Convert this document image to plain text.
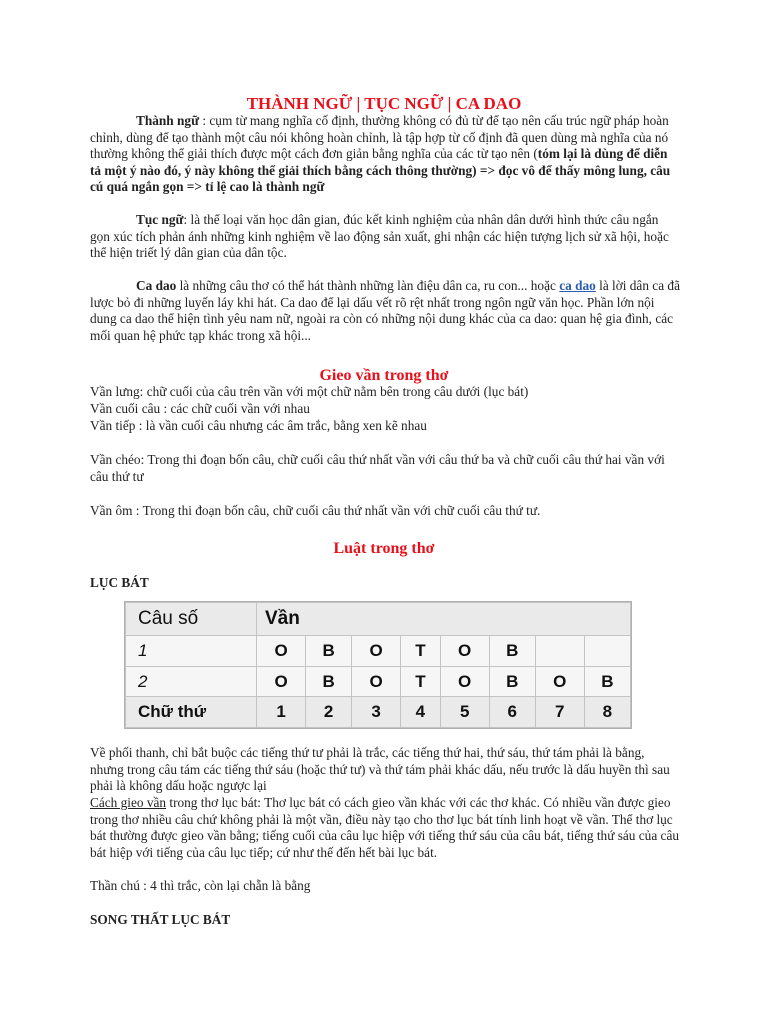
THÀNH NGỮ | TỤC NGỮ | CA DAO
Thành ngữ : cụm từ mang nghĩa cố định, thường không có đủ từ để tạo nên cấu trúc ngữ pháp hoàn chỉnh, dùng để tạo thành một câu nói không hoàn chỉnh, là tập hợp từ cố định đã quen dùng mà nghĩa của nó thường không thể giải thích được một cách đơn giản bằng nghĩa của các từ tạo nên (tóm lại là dùng để diễn tả một ý nào đó, ý này không thể giải thích bằng cách thông thường) => đọc vô để thấy mông lung, câu cú quá ngắn gọn => tỉ lệ cao là thành ngữ
Tục ngữ: là thể loại văn học dân gian, đúc kết kinh nghiệm của nhân dân dưới hình thức câu ngắn gọn xúc tích phản ánh những kinh nghiệm về lao động sản xuất, ghi nhận các hiện tượng lịch sử xã hội, hoặc thể hiện triết lý dân gian của dân tộc.
Ca dao là những câu thơ có thể hát thành những làn điệu dân ca, ru con... hoặc ca dao là lời dân ca đã lược bỏ đi những luyến láy khi hát. Ca dao để lại dấu vết rõ rệt nhất trong ngôn ngữ văn học. Phần lớn nội dung ca dao thể hiện tình yêu nam nữ, ngoài ra còn có những nội dung khác của ca dao: quan hệ gia đình, các mối quan hệ phức tạp khác trong xã hội...
Gieo vần trong thơ
Vần lưng: chữ cuối của câu trên vần với một chữ nằm bên trong câu dưới (lục bát)
Vần cuối câu : các chữ cuối vần với nhau
Vần tiếp : là vần cuối câu nhưng các âm trắc, bằng xen kẽ nhau
Vần chéo: Trong thi đoạn bốn câu, chữ cuối câu thứ nhất vần với câu thứ ba và chữ cuối câu thứ hai vần với câu thứ tư
Vần ôm : Trong thi đoạn bốn câu, chữ cuối câu thứ nhất vần với chữ cuối câu thứ tư.
Luật trong thơ
LỤC BÁT
Câu số	Vần							
1	O	B	O	T	O	B		
2	O	B	O	T	O	B	O	B
Chữ thứ	1	2	3	4	5	6	7	8
Về phối thanh, chỉ bắt buộc các tiếng thứ tư phải là trắc, các tiếng thứ hai, thứ sáu, thứ tám phải là bằng, nhưng trong câu tám các tiếng thứ sáu (hoặc thứ tư) và thứ tám phải khác dấu, nếu trước là dấu huyền thì sau phải là không dấu hoặc ngược lại
Cách gieo vần trong thơ lục bát: Thơ lục bát có cách gieo vần khác với các thơ khác. Có nhiều vần được gieo trong thơ nhiều câu chứ không phải là một vần, điều này tạo cho thơ lục bát tính linh hoạt về vần. Thể thơ lục bát thường được gieo vần bằng; tiếng cuối của câu lục hiệp với tiếng thứ sáu của câu bát, tiếng thứ sáu của câu bát hiệp với tiếng của câu lục tiếp; cứ như thế đến hết bài lục bát.
Thần chú : 4 thì trắc, còn lại chẵn là bằng
SONG THẤT LỤC BÁT
